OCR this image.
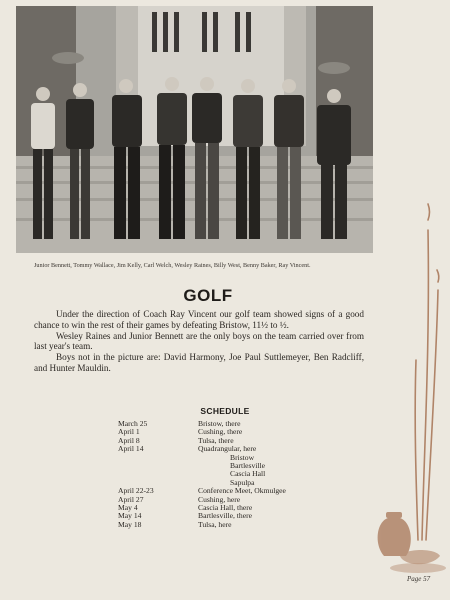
Junior Bennett, Tommy Wallace, Jim Kelly, Carl Welch, Wesley Raines, Billy West, Benny Baker, Ray Vincent.
GOLF

Under the direction of Coach Ray Vincent our golf team showed signs of a good chance to win the rest of their games by defeating Bristow, 11½ to ½.

Wesley Raines and Junior Bennett are the only boys on the team carried over from last year's team.

Boys not in the picture are: David Harmony, Joe Paul Suttlemeyer, Ben Radcliff, and Hunter Mauldin.

SCHEDULE
March 25	Bristow, there
April 1	Cushing, there
April 8	Tulsa, there
April 14	Quadrangular, here
Bristow
Bartlesville
Cascia Hall
Sapulpa
April 22-23	Conference Meet, Okmulgee
April 27	Cushing, here
May 4	Cascia Hall, there
May 14	Bartlesville, there
May 18	Tulsa, here
Page 57
